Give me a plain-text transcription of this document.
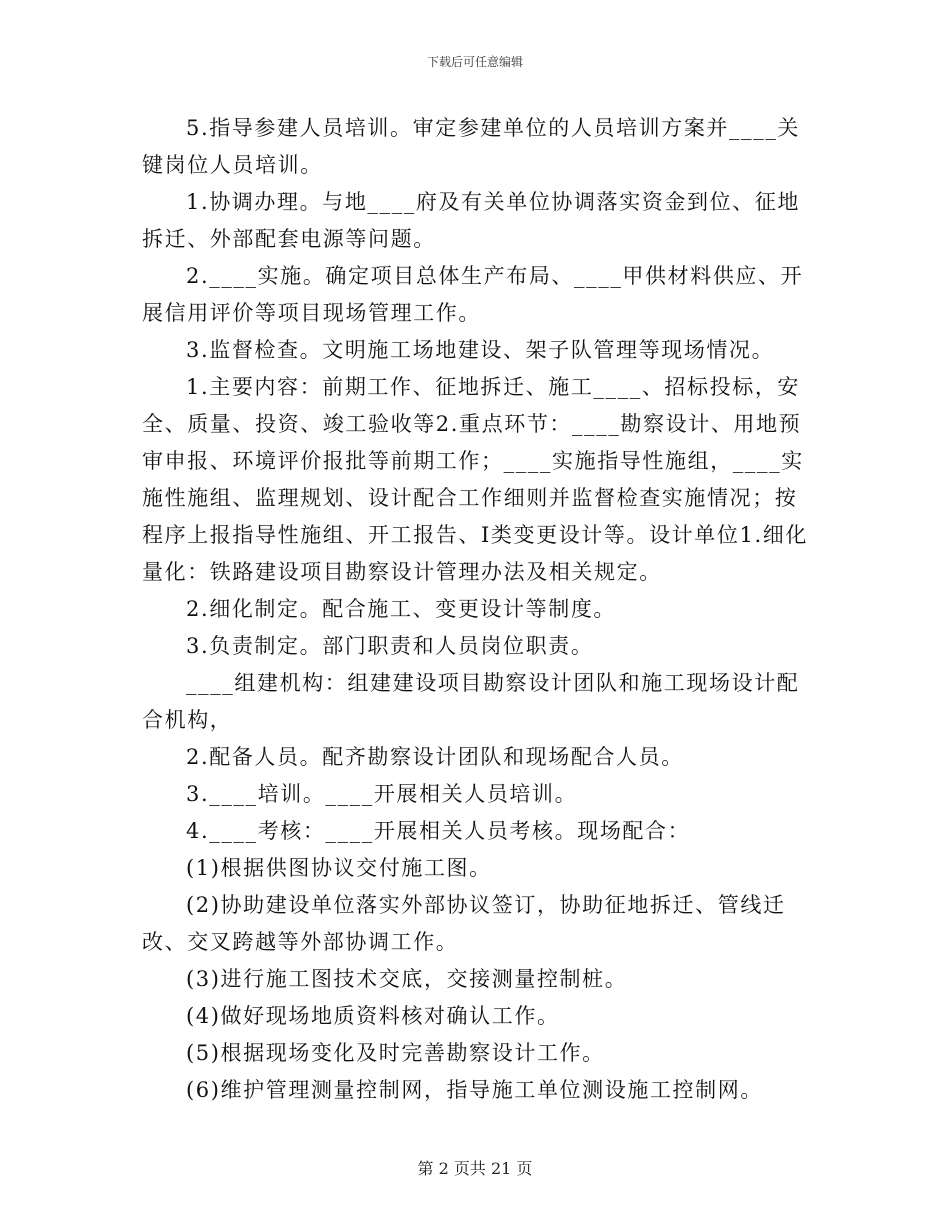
下载后可任意编辑

5.指导参建人员培训。审定参建单位的人员培训方案并____关键岗位人员培训。

1.协调办理。与地____府及有关单位协调落实资金到位、征地拆迁、外部配套电源等问题。

2.____实施。确定项目总体生产布局、____甲供材料供应、开展信用评价等项目现场管理工作。

3.监督检查。文明施工场地建设、架子队管理等现场情况。

1.主要内容：前期工作、征地拆迁、施工____、招标投标，安全、质量、投资、竣工验收等2.重点环节：____勘察设计、用地预审申报、环境评价报批等前期工作；____实施指导性施组，____实施性施组、监理规划、设计配合工作细则并监督检查实施情况；按程序上报指导性施组、开工报告、Ⅰ类变更设计等。设计单位1.细化量化：铁路建设项目勘察设计管理办法及相关规定。

2.细化制定。配合施工、变更设计等制度。

3.负责制定。部门职责和人员岗位职责。

____组建机构：组建建设项目勘察设计团队和施工现场设计配合机构，

2.配备人员。配齐勘察设计团队和现场配合人员。

3.____培训。____开展相关人员培训。

4.____考核：____开展相关人员考核。现场配合：

(1)根据供图协议交付施工图。

(2)协助建设单位落实外部协议签订，协助征地拆迁、管线迁改、交叉跨越等外部协调工作。

(3)进行施工图技术交底，交接测量控制桩。

(4)做好现场地质资料核对确认工作。

(5)根据现场变化及时完善勘察设计工作。

(6)维护管理测量控制网，指导施工单位测设施工控制网。

第 2 页共 21 页
